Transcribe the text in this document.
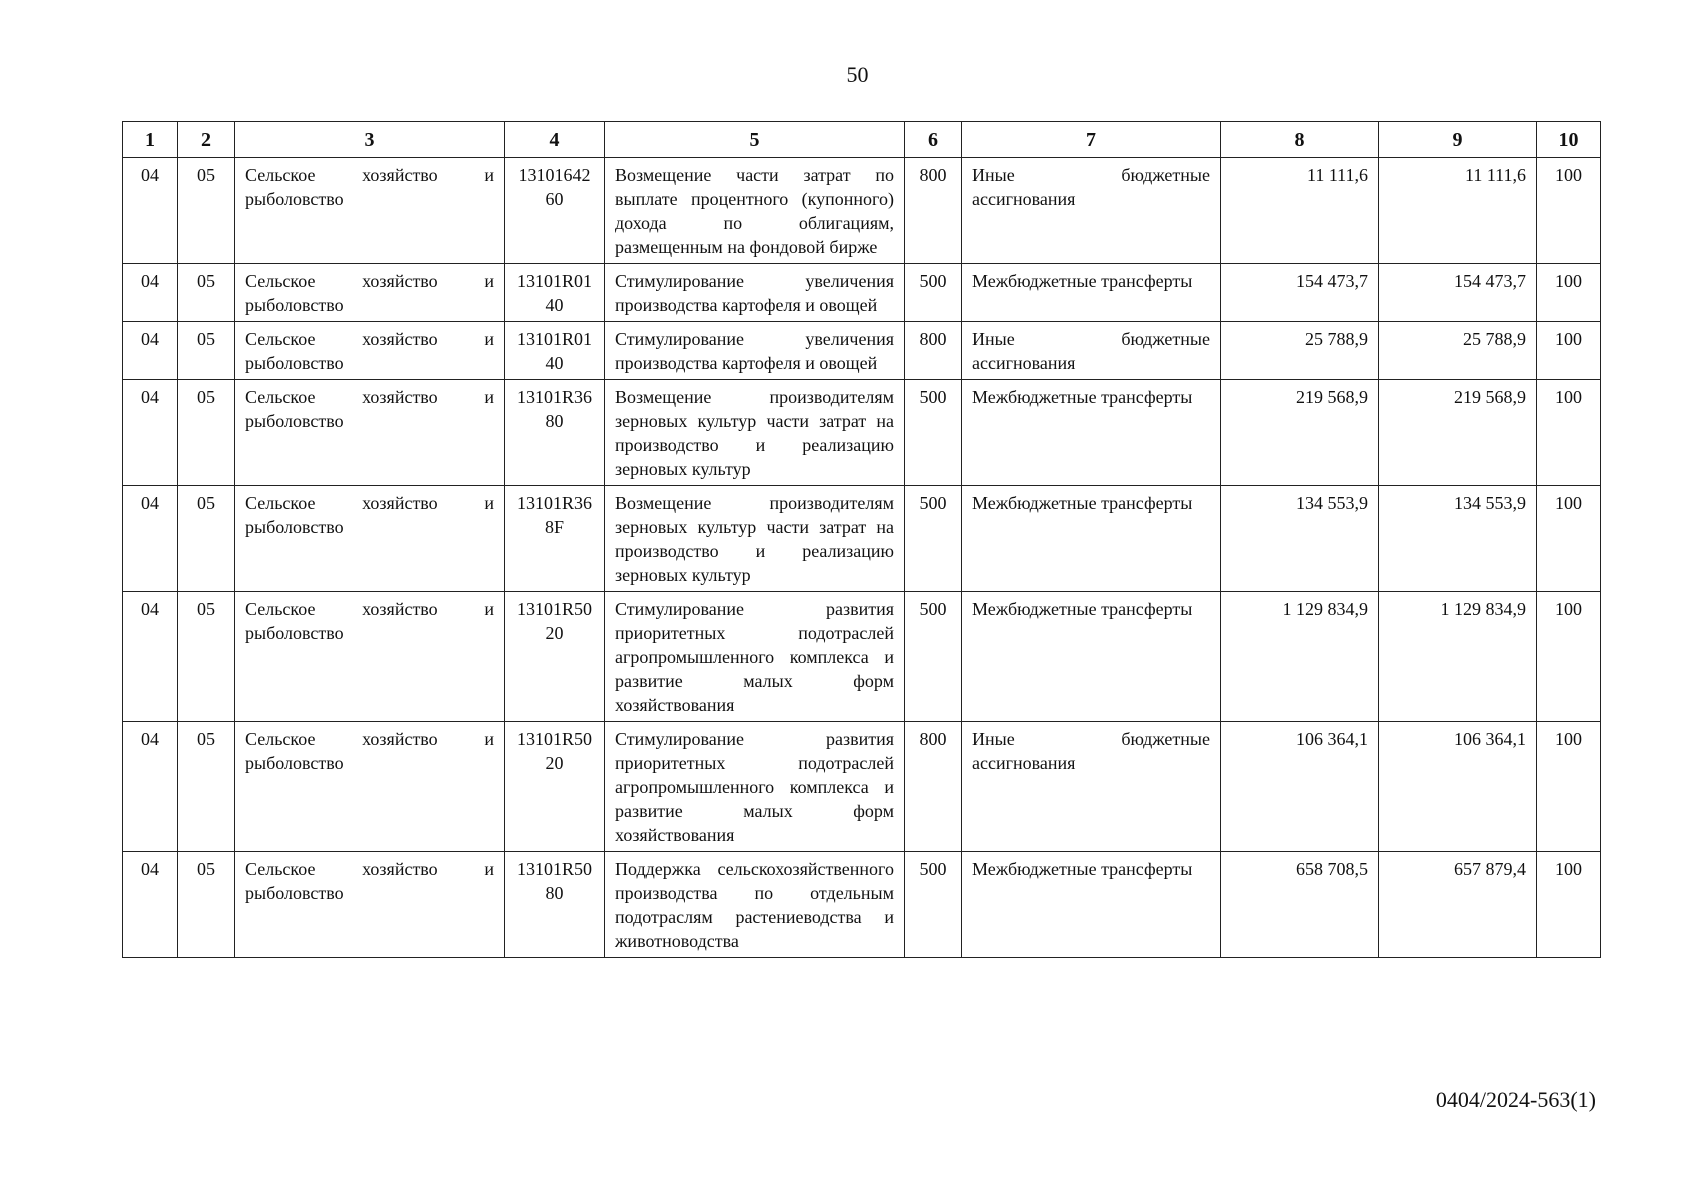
50
1	2	3	4	5	6	7	8	9	10
04	05	Сельское хозяйство и рыболовство	1310164260	Возмещение части затрат по выплате процентного (купонного) дохода по облигациям, размещенным на фондовой бирже	800	Иные бюджетные ассигнования	11 111,6	11 111,6	100
04	05	Сельское хозяйство и рыболовство	13101R0140	Стимулирование увеличения производства картофеля и овощей	500	Межбюджетные трансферты	154 473,7	154 473,7	100
04	05	Сельское хозяйство и рыболовство	13101R0140	Стимулирование увеличения производства картофеля и овощей	800	Иные бюджетные ассигнования	25 788,9	25 788,9	100
04	05	Сельское хозяйство и рыболовство	13101R3680	Возмещение производителям зерновых культур части затрат на производство и реализацию зерновых культур	500	Межбюджетные трансферты	219 568,9	219 568,9	100
04	05	Сельское хозяйство и рыболовство	13101R368F	Возмещение производителям зерновых культур части затрат на производство и реализацию зерновых культур	500	Межбюджетные трансферты	134 553,9	134 553,9	100
04	05	Сельское хозяйство и рыболовство	13101R5020	Стимулирование развития приоритетных подотраслей агропромышленного комплекса и развитие малых форм хозяйствования	500	Межбюджетные трансферты	1 129 834,9	1 129 834,9	100
04	05	Сельское хозяйство и рыболовство	13101R5020	Стимулирование развития приоритетных подотраслей агропромышленного комплекса и развитие малых форм хозяйствования	800	Иные бюджетные ассигнования	106 364,1	106 364,1	100
04	05	Сельское хозяйство и рыболовство	13101R5080	Поддержка сельскохозяйственного производства по отдельным подотраслям растениеводства и животноводства	500	Межбюджетные трансферты	658 708,5	657 879,4	100
0404/2024-563(1)
